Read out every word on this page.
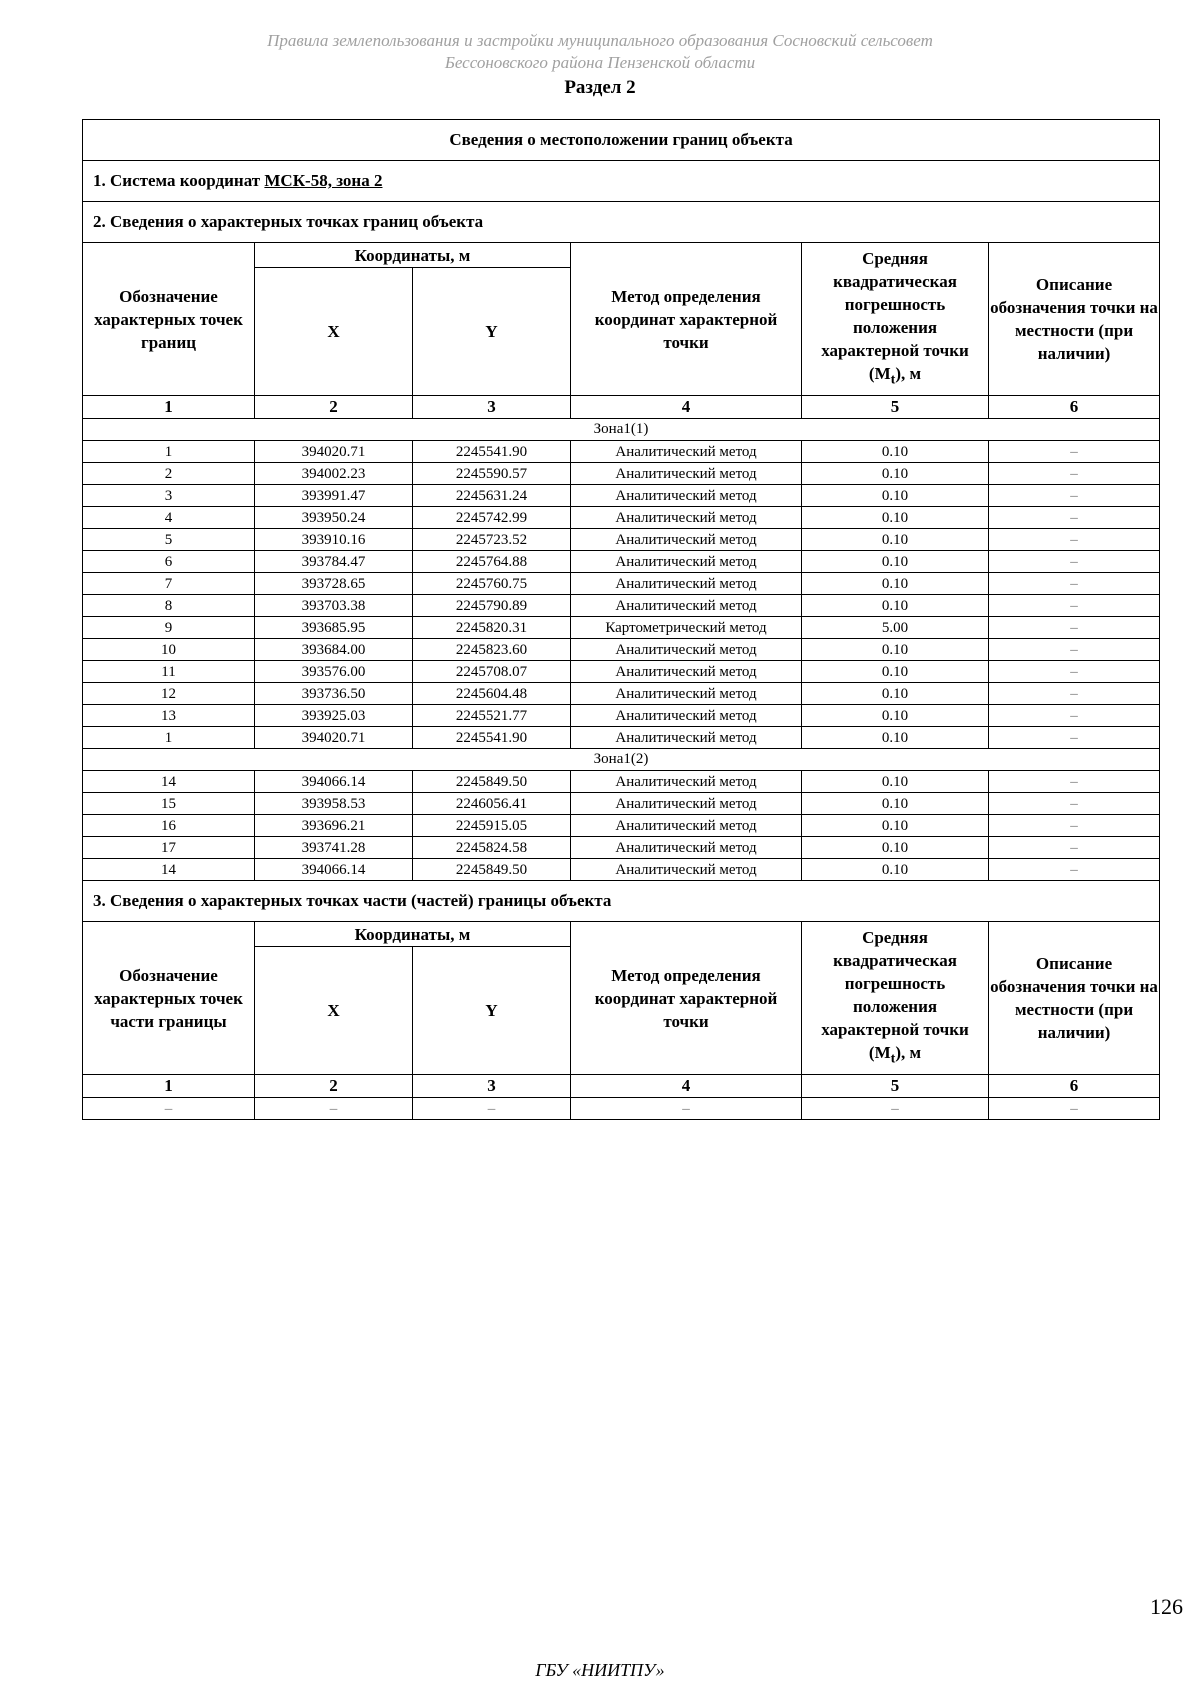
Правила землепользования и застройки муниципального образования Сосновский сельсовет
Бессоновского района Пензенской области
Раздел 2
Сведения о местоположении границ объекта					
1. Система координат МСК-58, зона 2					
2. Сведения о характерных точках границ объекта					
Обозначение характерных точек границ	Координаты, м		Метод определения координат характерной точки	Средняя квадратическая погрешность положения характерной точки $(M_t)$, м	Описание обозначения точки на местности (при наличии)
	X	Y			
1	2	3	4	5	6
Зона1(1)					
1	394020.71	2245541.90	Аналитический метод	0.10	–
2	394002.23	2245590.57	Аналитический метод	0.10	–
3	393991.47	2245631.24	Аналитический метод	0.10	–
4	393950.24	2245742.99	Аналитический метод	0.10	–
5	393910.16	2245723.52	Аналитический метод	0.10	–
6	393784.47	2245764.88	Аналитический метод	0.10	–
7	393728.65	2245760.75	Аналитический метод	0.10	–
8	393703.38	2245790.89	Аналитический метод	0.10	–
9	393685.95	2245820.31	Картометрический метод	5.00	–
10	393684.00	2245823.60	Аналитический метод	0.10	–
11	393576.00	2245708.07	Аналитический метод	0.10	–
12	393736.50	2245604.48	Аналитический метод	0.10	–
13	393925.03	2245521.77	Аналитический метод	0.10	–
1	394020.71	2245541.90	Аналитический метод	0.10	–
Зона1(2)					
14	394066.14	2245849.50	Аналитический метод	0.10	–
15	393958.53	2246056.41	Аналитический метод	0.10	–
16	393696.21	2245915.05	Аналитический метод	0.10	–
17	393741.28	2245824.58	Аналитический метод	0.10	–
14	394066.14	2245849.50	Аналитический метод	0.10	–
3. Сведения о характерных точках части (частей) границы объекта					
Обозначение характерных точек части границы	Координаты, м		Метод определения координат характерной точки	Средняя квадратическая погрешность положения характерной точки $(M_t)$, м	Описание обозначения точки на местности (при наличии)
	X	Y			
1	2	3	4	5	6
–	–	–	–	–	–
126
ГБУ «НИИТПУ»
